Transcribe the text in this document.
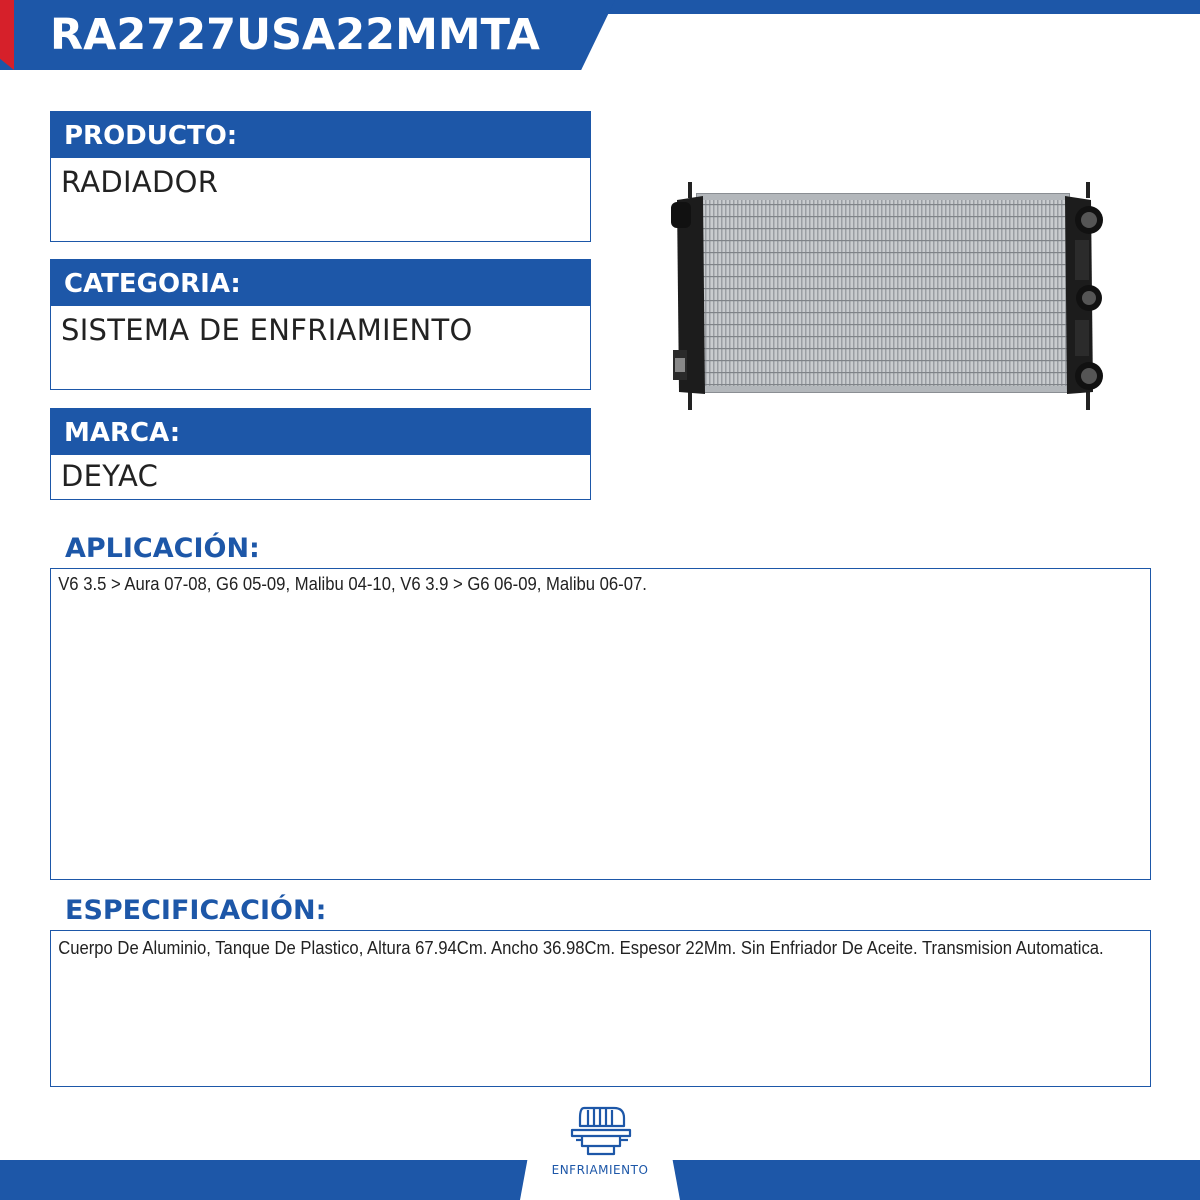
RA2727USA22MMTA
PRODUCTO:
RADIADOR
CATEGORIA:
SISTEMA DE ENFRIAMIENTO
MARCA:
DEYAC
APLICACIÓN:

V6 3.5 > Aura 07-08, G6 05-09, Malibu 04-10, V6 3.9 > G6 06-09, Malibu 06-07.

ESPECIFICACIÓN:

Cuerpo De Aluminio, Tanque De Plastico, Altura 67.94Cm. Ancho 36.98Cm. Espesor 22Mm. Sin Enfriador De Aceite. Transmision Automatica.

ENFRIAMIENTO
